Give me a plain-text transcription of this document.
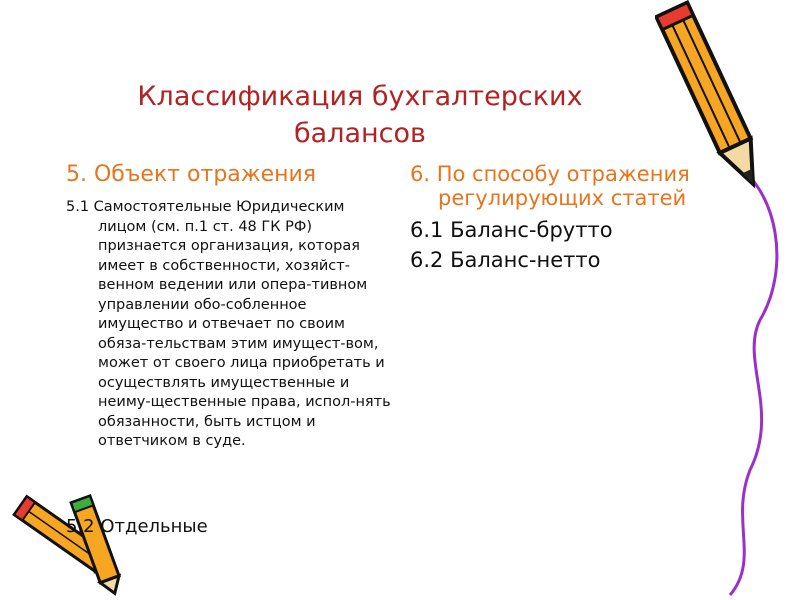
Классификация бухгалтерских балансов
5. Объект отражения
5.1 Самостоятельные Юридическим лицом (см. п.1 ст. 48 ГК РФ) признается организация, которая имеет в собственности, хозяйст-венном ведении или опера-тивном управлении обо-собленное имущество и отвечает по своим обяза-тельствам этим имущест-вом, может от своего лица приобретать и осуществлять имущественные и неиму-щественные права, испол-нять обязанности, быть истцом и ответчиком в суде.
5.2 Отдельные
6. По способу отражения регулирующих статей
6.1 Баланс-брутто
6.2 Баланс-нетто
